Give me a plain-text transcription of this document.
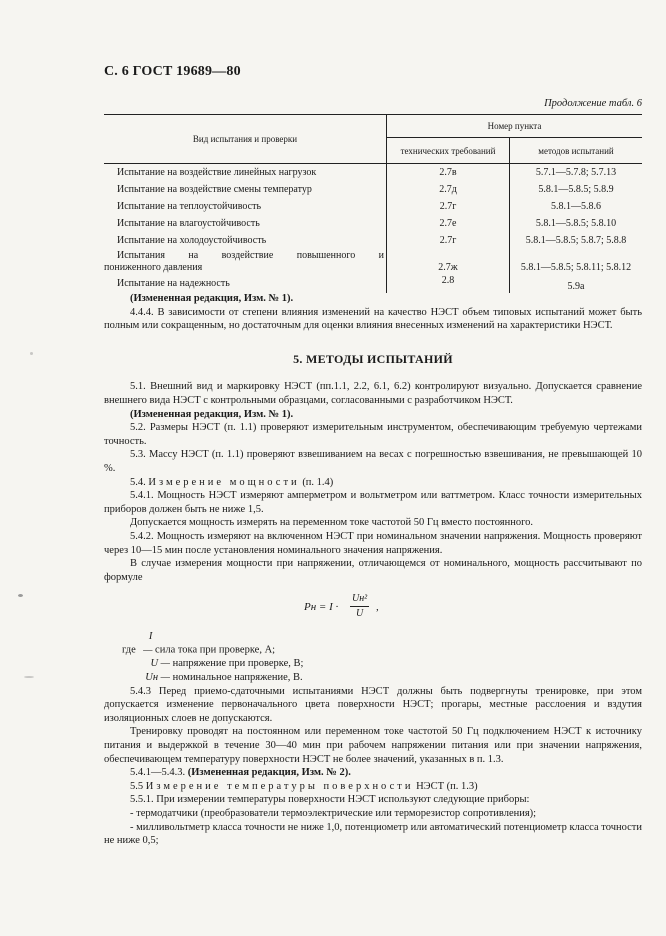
С. 6 ГОСТ 19689—80
Продолжение табл. 6
Вид испытания и проверки	Номер пункта	
	технических требований	методов испытаний
Испытание на воздействие линейных нагрузок	2.7в	5.7.1—5.7.8; 5.7.13
Испытание на воздействие смены температур	2.7д	5.8.1—5.8.5; 5.8.9
Испытание на теплоустойчивость	2.7г	5.8.1—5.8.6
Испытание на влагоустойчивость	2.7е	5.8.1—5.8.5; 5.8.10
Испытание на холодоустойчивость	2.7г	5.8.1—5.8.5; 5.8.7; 5.8.8

Испытания на воздействие повышенного и
пониженного давления	2.7ж	5.8.1—5.8.5; 5.8.11; 5.8.12
Испытание на надежность	2.8	5.9а

(Измененная редакция, Изм. № 1).

4.4.4. В зависимости от степени влияния изменений на качество НЭСТ объем типовых испытаний может быть полным или сокращенным, но достаточным для оценки влияния внесенных изменений на характеристики НЭСТ.

5. МЕТОДЫ ИСПЫТАНИЙ

5.1. Внешний вид и маркировку НЭСТ (пп.1.1, 2.2, 6.1, 6.2) контролируют визуально. Допускается сравнение внешнего вида НЭСТ с контрольными образцами, согласованными с разработчиком НЭСТ.

(Измененная редакция, Изм. № 1).

5.2. Размеры НЭСТ (п. 1.1) проверяют измерительным инструментом, обеспечивающим требуемую чертежами точность.

5.3. Массу НЭСТ (п. 1.1) проверяют взвешиванием на весах с погрешностью взвешивания, не превышающей 10 %.

5.4. Измерение мощности (п. 1.4)

5.4.1. Мощность НЭСТ измеряют амперметром и вольтметром или ваттметром. Класс точности измерительных приборов должен быть не ниже 1,5.

Допускается мощность измерять на переменном токе частотой 50 Гц вместо постоянного.

5.4.2. Мощность измеряют на включенном НЭСТ при номинальном значении напряжения. Мощность проверяют через 10—15 мин после установления номинального значения напряжения.

В случае измерения мощности при напряжении, отличающемся от номинального, мощность рассчитывают по формуле

Pн = I ·
Uн²
U
,

где I — сила тока при проверке, А;

U — напряжение при проверке, В;

Uн — номинальное напряжение, В.

5.4.3 Перед приемо-сдаточными испытаниями НЭСТ должны быть подвергнуты тренировке, при этом допускается изменение первоначального цвета поверхности НЭСТ; прогары, местные расслоения и вздутия изоляционных слоев не допускаются.

Тренировку проводят на постоянном или переменном токе частотой 50 Гц подключением НЭСТ к источнику питания и выдержкой в течение 30—40 мин при рабочем напряжении питания или при значении напряжения, обеспечивающем температуру поверхности НЭСТ не более значений, указанных в п. 1.3.

5.4.1—5.4.3. (Измененная редакция, Изм. № 2).

5.5 Измерение температуры поверхности НЭСТ (п. 1.3)

5.5.1. При измерении температуры поверхности НЭСТ используют следующие приборы:

- термодатчики (преобразователи термоэлектрические или терморезистор сопротивления);

- милливольтметр класса точности не ниже 1,0, потенциометр или автоматический потенциометр класса точности не ниже 0,5;
